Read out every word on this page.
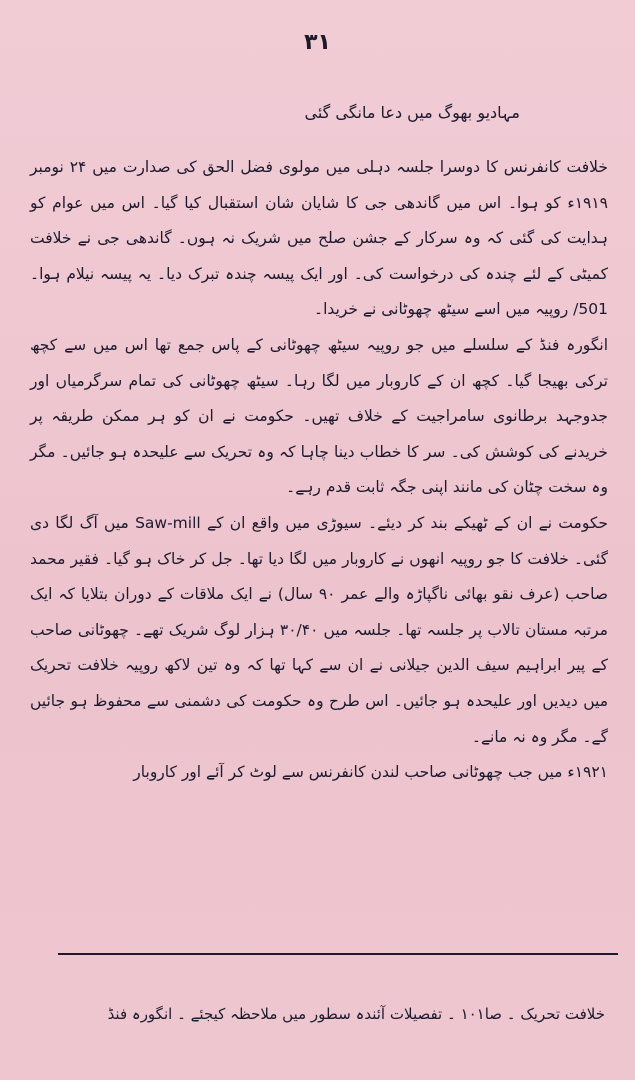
۳۱
مہادیو بھوگ میں دعا مانگی گئی

خلافت کانفرنس کا دوسرا جلسہ دہلی میں مولوی فضل الحق کی صدارت میں ۲۴ نومبر ۱۹۱۹ء کو ہوا۔ اس میں گاندھی جی کا شایان شان استقبال کیا گیا۔ اس میں عوام کو ہدایت کی گئی کہ وہ سرکار کے جشن صلح میں شریک نہ ہوں۔ گاندھی جی نے خلافت کمیٹی کے لئے چندہ کی درخواست کی۔ اور ایک پیسہ چندہ تبرک دیا۔ یہ پیسہ نیلام ہوا۔ 501/ روپیہ میں اسے سیٹھ چھوٹانی نے خریدا۔

انگورہ فنڈ کے سلسلے میں جو روپیہ سیٹھ چھوٹانی کے پاس جمع تھا اس میں سے کچھ ترکی بھیجا گیا۔ کچھ ان کے کاروبار میں لگا رہا۔ سیٹھ چھوٹانی کی تمام سرگرمیاں اور جدوجہد برطانوی سامراجیت کے خلاف تھیں۔ حکومت نے ان کو ہر ممکن طریقہ پر خریدنے کی کوشش کی۔ سر کا خطاب دینا چاہا کہ وہ تحریک سے علیحدہ ہو جائیں۔ مگر وہ سخت چٹان کی مانند اپنی جگہ ثابت قدم رہے۔

حکومت نے ان کے ٹھیکے بند کر دیئے۔ سیوڑی میں واقع ان کے Saw-mill میں آگ لگا دی گئی۔ خلافت کا جو روپیہ انھوں نے کاروبار میں لگا دیا تھا۔ جل کر خاک ہو گیا۔ فقیر محمد صاحب (عرف نقو بھائی ناگپاڑہ والے عمر ۹۰ سال) نے ایک ملاقات کے دوران بتلایا کہ ایک مرتبہ مستان تالاب پر جلسہ تھا۔ جلسہ میں ۳۰/۴۰ ہزار لوگ شریک تھے۔ چھوٹانی صاحب کے پیر ابراہیم سیف الدین جیلانی نے ان سے کہا تھا کہ وہ تین لاکھ روپیہ خلافت تحریک میں دیدیں اور علیحدہ ہو جائیں۔ اس طرح وہ حکومت کی دشمنی سے محفوظ ہو جائیں گے۔ مگر وہ نہ مانے۔

۱۹۲۱ء میں جب چھوٹانی صاحب لندن کانفرنس سے لوٹ کر آئے اور کاروبار

خلافت تحریک ۔ صا۱۰۱ ۔ تفصیلات آئندہ سطور میں ملاحظہ کیجئے ۔ انگورہ فنڈ
